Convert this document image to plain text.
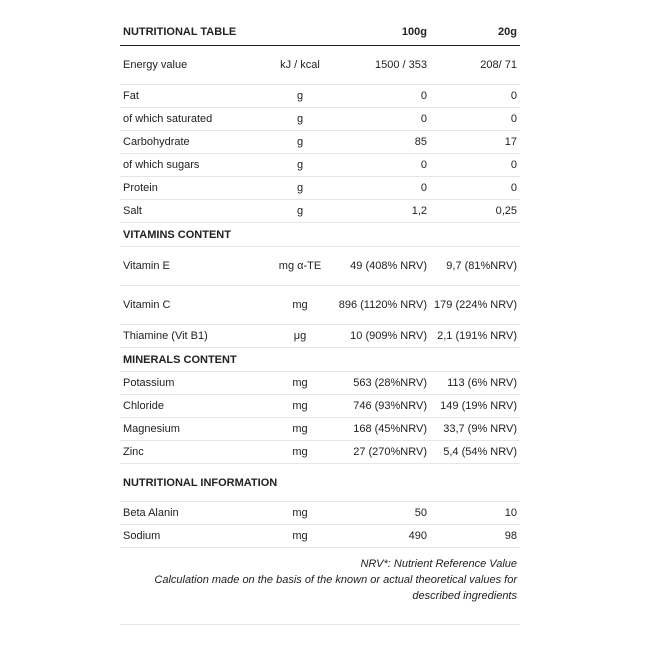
NUTRITIONAL TABLE		100g	20g
Energy value	kJ / kcal	1500 / 353	208/ 71
Fat	g	0	0
of which saturated	g	0	0
Carbohydrate	g	85	17
of which sugars	g	0	0
Protein	g	0	0
Salt	g	1,2	0,25
VITAMINS CONTENT			
Vitamin E	mg α-TE	49 (408% NRV)	9,7 (81%NRV)
Vitamin C	mg	896 (1120% NRV)	179 (224% NRV)
Thiamine (Vit B1)	μg	10 (909% NRV)	2,1 (191% NRV)
MINERALS CONTENT			
Potassium	mg	563 (28%NRV)	113 (6% NRV)
Chloride	mg	746 (93%NRV)	149 (19% NRV)
Magnesium	mg	168 (45%NRV)	33,7 (9% NRV)
Zinc	mg	27 (270%NRV)	5,4 (54% NRV)
NUTRITIONAL INFORMATION			
Beta Alanin	mg	50	10
Sodium	mg	490	98

NRV*: Nutrient Reference Value
Calculation made on the basis of the known or actual theoretical values for described ingredients			
